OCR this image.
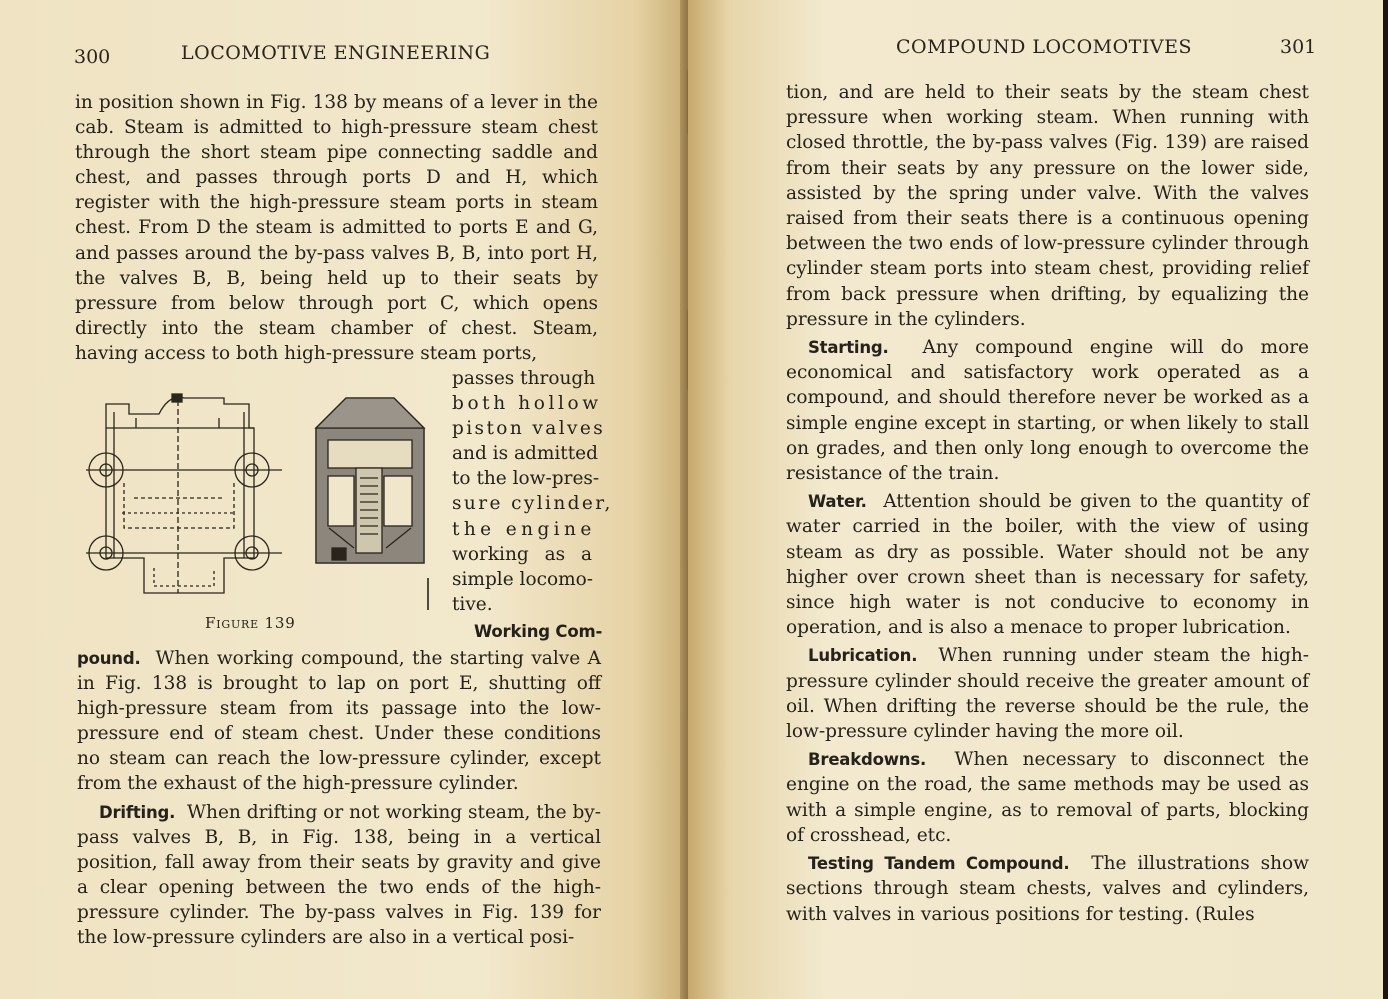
300	LOCOMOTIVE ENGINEERING

in position shown in Fig. 138 by means of a lever in the cab. Steam is admitted to high-pressure steam chest through the short steam pipe connecting saddle and chest, and passes through ports D and H, which register with the high-pressure steam ports in steam chest. From D the steam is admitted to ports E and G, and passes around the by-pass valves B, B, into port H, the valves B, B, being held up to their seats by pressure from below through port C, which opens directly into the steam chamber of chest. Steam, having access to both high-pressure steam ports,

passes through
both hollow
piston valves
and is admitted
to the low-pres-
sure cylinder,
the engine
working as a
simple locomo-
tive.
Figure 139	Working Com-

pound. When working compound, the starting valve A in Fig. 138 is brought to lap on port E, shutting off high-pressure steam from its passage into the low-pressure end of steam chest. Under these conditions no steam can reach the low-pressure cylinder, except from the exhaust of the high-pressure cylinder.

Drifting. When drifting or not working steam, the by-pass valves B, B, in Fig. 138, being in a vertical position, fall away from their seats by gravity and give a clear opening between the two ends of the high-pressure cylinder. The by-pass valves in Fig. 139 for the low-pressure cylinders are also in a vertical posi-

COMPOUND LOCOMOTIVES	301

tion, and are held to their seats by the steam chest pressure when working steam. When running with closed throttle, the by-pass valves (Fig. 139) are raised from their seats by any pressure on the lower side, assisted by the spring under valve. With the valves raised from their seats there is a continuous opening between the two ends of low-pressure cylinder through cylinder steam ports into steam chest, providing relief from back pressure when drifting, by equalizing the pressure in the cylinders.

Starting. Any compound engine will do more economical and satisfactory work operated as a compound, and should therefore never be worked as a simple engine except in starting, or when likely to stall on grades, and then only long enough to overcome the resistance of the train.

Water. Attention should be given to the quantity of water carried in the boiler, with the view of using steam as dry as possible. Water should not be any higher over crown sheet than is necessary for safety, since high water is not conducive to economy in operation, and is also a menace to proper lubrication.

Lubrication. When running under steam the high-pressure cylinder should receive the greater amount of oil. When drifting the reverse should be the rule, the low-pressure cylinder having the more oil.

Breakdowns. When necessary to disconnect the engine on the road, the same methods may be used as with a simple engine, as to removal of parts, blocking of crosshead, etc.

Testing Tandem Compound. The illustrations show sections through steam chests, valves and cylinders, with valves in various positions for testing. (Rules
